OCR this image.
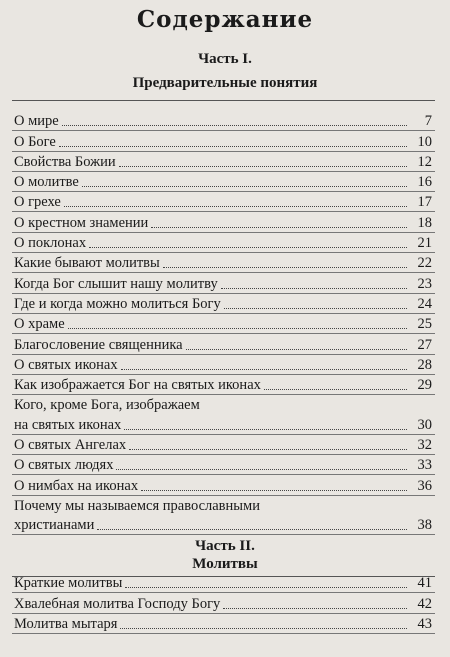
Содержание
Часть I.
Предварительные понятия
О мире	7
О Боге	10
Свойства Божии	12
О молитве	16
О грехе	17
О крестном знамении	18
О поклонах	21
Какие бывают молитвы	22
Когда Бог слышит нашу молитву	23
Где и когда можно молиться Богу	24
О храме	25
Благословение священника	27
О святых иконах	28
Как изображается Бог на святых иконах	29
Кого, кроме Бога, изображаем
на святых иконах	30
О святых Ангелах	32
О святых людях	33
О нимбах на иконах	36
Почему мы называемся православными
христианами	38
Часть II.
Молитвы
Краткие молитвы	41
Хвалебная молитва Господу Богу	42
Молитва мытаря	43
